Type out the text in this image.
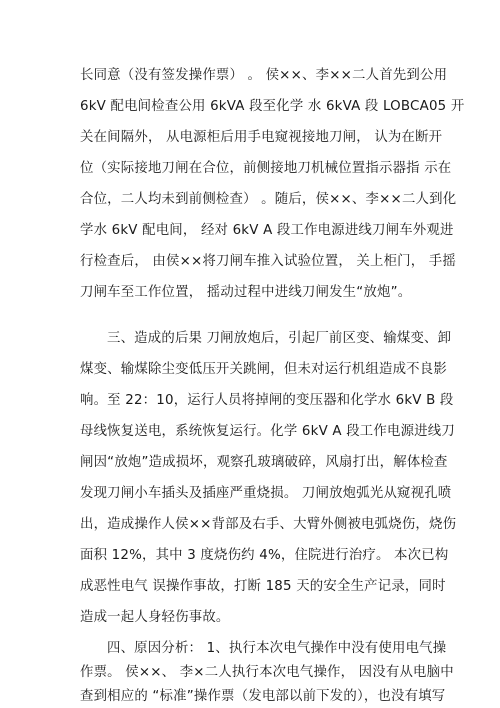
长同意（没有签发操作票） 。 侯××、李××二人首先到公用
6kV 配电间检查公用 6kVA 段至化学 水 6kVA 段 LOBCA05 开
关在间隔外， 从电源柜后用手电窥视接地刀闸， 认为在断开
位（实际接地刀闸在合位，前侧接地刀机械位置指示器指 示在
合位，二人均未到前侧检查） 。随后，侯××、李××二人到化
学水 6kV 配电间， 经对 6kV A 段工作电源进线刀闸车外观进
行检查后， 由侯××将刀闸车推入试验位置， 关上柜门， 手摇
刀闸车至工作位置， 摇动过程中进线刀闸发生“放炮”。
三、造成的后果 刀闸放炮后，引起厂前区变、输煤变、卸
煤变、输煤除尘变低压开关跳闸，但未对运行机组造成不良影
响。至 22：10，运行人员将掉闸的变压器和化学水 6kV B 段
母线恢复送电，系统恢复运行。化学 6kV A 段工作电源进线刀
闸因“放炮”造成损坏，观察孔玻璃破碎，风扇打出，解体检查
发现刀闸小车插头及插座严重烧损。 刀闸放炮弧光从窥视孔喷
出，造成操作人侯××背部及右手、大臂外侧被电弧烧伤，烧伤
面积 12%，其中 3 度烧伤约 4%，住院进行治疗。 本次已构
成恶性电气 误操作事故，打断 185 天的安全生产记录，同时
造成一起人身轻伤事故。
四、原因分析： 1、执行本次电气操作中没有使用电气操
作票。 侯××、 李×二人执行本次电气操作， 因没有从电脑中
查到相应的 “标准”操作票（发电部以前下发的），也没有填写
